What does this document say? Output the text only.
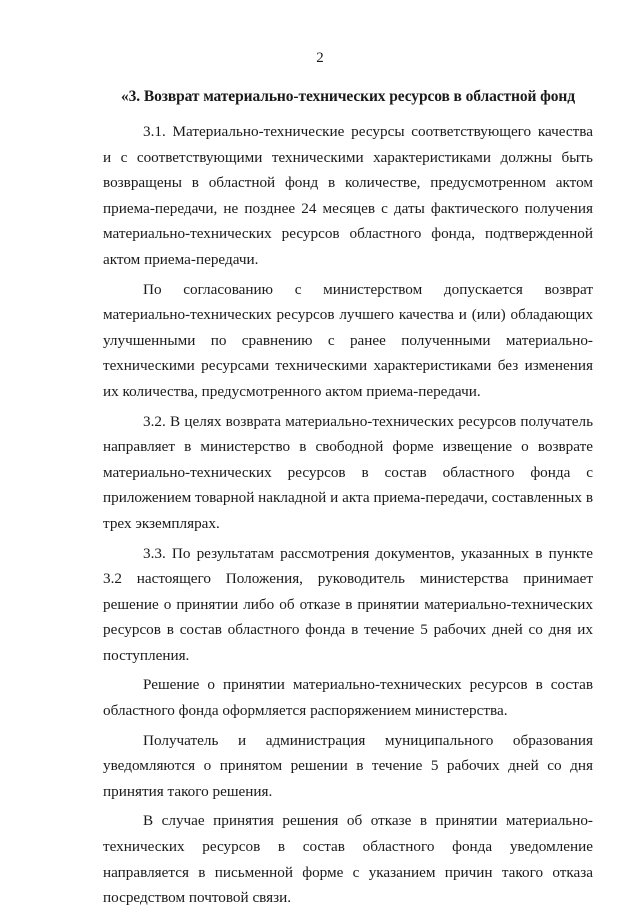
2
«3. Возврат материально-технических ресурсов в областной фонд

3.1. Материально-технические ресурсы соответствующего качества и с соответствующими техническими характеристиками должны быть возвращены в областной фонд в количестве, предусмотренном актом приема-передачи, не позднее 24 месяцев с даты фактического получения материально-технических ресурсов областного фонда, подтвержденной актом приема-передачи.

По согласованию с министерством допускается возврат материально-технических ресурсов лучшего качества и (или) обладающих улучшенными по сравнению с ранее полученными материально-техническими ресурсами техническими характеристиками без изменения их количества, предусмотренного актом приема-передачи.

3.2. В целях возврата материально-технических ресурсов получатель направляет в министерство в свободной форме извещение о возврате материально-технических ресурсов в состав областного фонда с приложением товарной накладной и акта приема-передачи, составленных в трех экземплярах.

3.3. По результатам рассмотрения документов, указанных в пункте 3.2 настоящего Положения, руководитель министерства принимает решение о принятии либо об отказе в принятии материально-технических ресурсов в состав областного фонда в течение 5 рабочих дней со дня их поступления.

Решение о принятии материально-технических ресурсов в состав областного фонда оформляется распоряжением министерства.

Получатель и администрация муниципального образования уведомляются о принятом решении в течение 5 рабочих дней со дня принятия такого решения.

В случае принятия решения об отказе в принятии материально-технических ресурсов в состав областного фонда уведомление направляется в письменной форме с указанием причин такого отказа посредством почтовой связи.
